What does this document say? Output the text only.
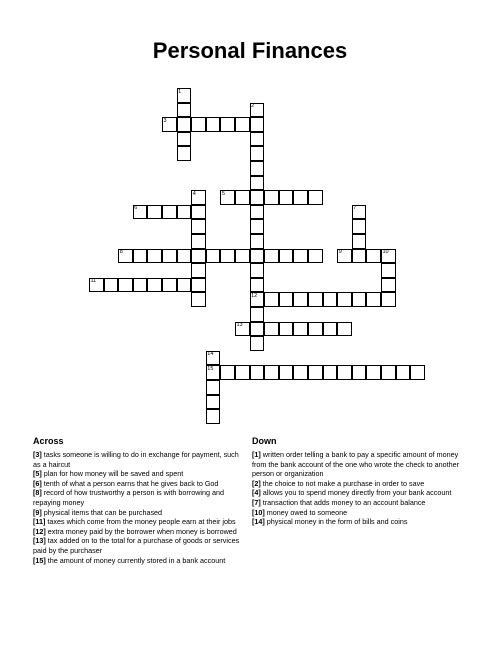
Personal Finances
1
2
3
4	5
6	7
8	9	10
11
12
13
14
15
Across
[3] tasks someone is willing to do in exchange for payment, such as a haircut
[5] plan for how money will be saved and spent
[6] tenth of what a person earns that he gives back to God
[8] record of how trustworthy a person is with borrowing and repaying money
[9] physical items that can be purchased
[11] taxes which come from the money people earn at their jobs
[12] extra money paid by the borrower when money is borrowed
[13] tax added on to the total for a purchase of goods or services paid by the purchaser
[15] the amount of money currently stored in a bank account
Down
[1] written order telling a bank to pay a specific amount of money from the bank account of the one who wrote the check to another person or organization
[2] the choice to not make a purchase in order to save
[4] allows you to spend money directly from your bank account
[7] transaction that adds money to an account balance
[10] money owed to someone
[14] physical money in the form of bills and coins
